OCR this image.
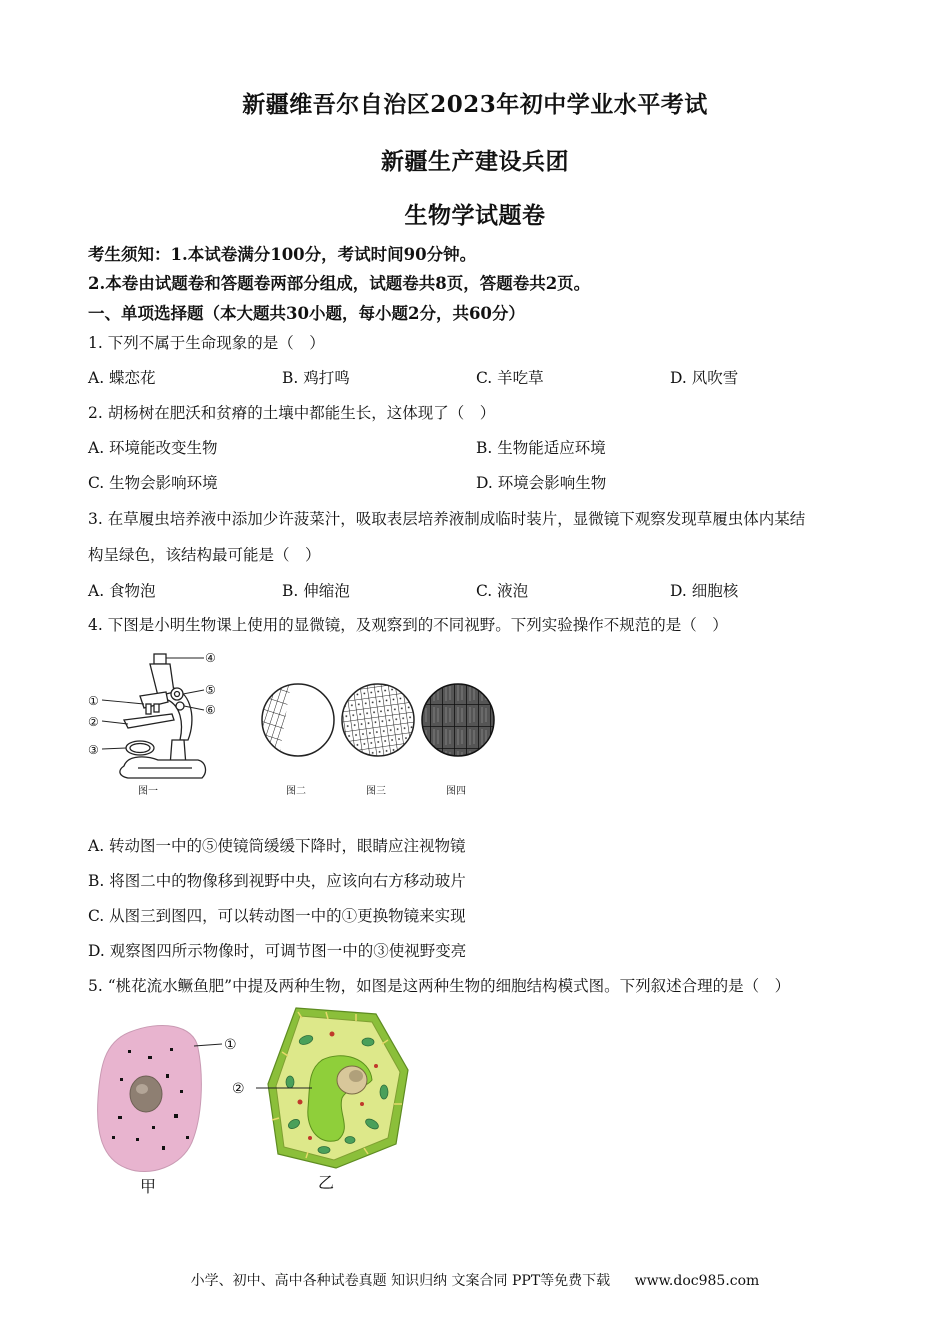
新疆维吾尔自治区2023年初中学业水平考试
新疆生产建设兵团
生物学试题卷
考生须知：1.本试卷满分100分，考试时间90分钟。
2.本卷由试题卷和答题卷两部分组成，试题卷共8页，答题卷共2页。
一、单项选择题（本大题共30小题，每小题2分，共60分）
1. 下列不属于生命现象的是（　）
A. 蝶恋花	B. 鸡打鸣	C. 羊吃草	D. 风吹雪
2. 胡杨树在肥沃和贫瘠的土壤中都能生长，这体现了（　）
A. 环境能改变生物	B. 生物能适应环境
C. 生物会影响环境	D. 环境会影响生物
3. 在草履虫培养液中添加少许菠菜汁，吸取表层培养液制成临时装片，显微镜下观察发现草履虫体内某结
构呈绿色，该结构最可能是（　）
A. 食物泡	B. 伸缩泡	C. 液泡	D. 细胞核
4. 下图是小明生物课上使用的显微镜，及观察到的不同视野。下列实验操作不规范的是（　）
④
⑤
⑥
①
②
③
图一	图二	图三	图四
A. 转动图一中的⑤使镜筒缓缓下降时，眼睛应注视物镜
B. 将图二中的物像移到视野中央，应该向右方移动玻片
C. 从图三到图四，可以转动图一中的①更换物镜来实现
D. 观察图四所示物像时，可调节图一中的③使视野变亮
5. “桃花流水鳜鱼肥”中提及两种生物，如图是这两种生物的细胞结构模式图。下列叙述合理的是（　）
①
甲
②
乙
小学、初中、高中各种试卷真题 知识归纳 文案合同 PPT等免费下载 www.doc985.com
